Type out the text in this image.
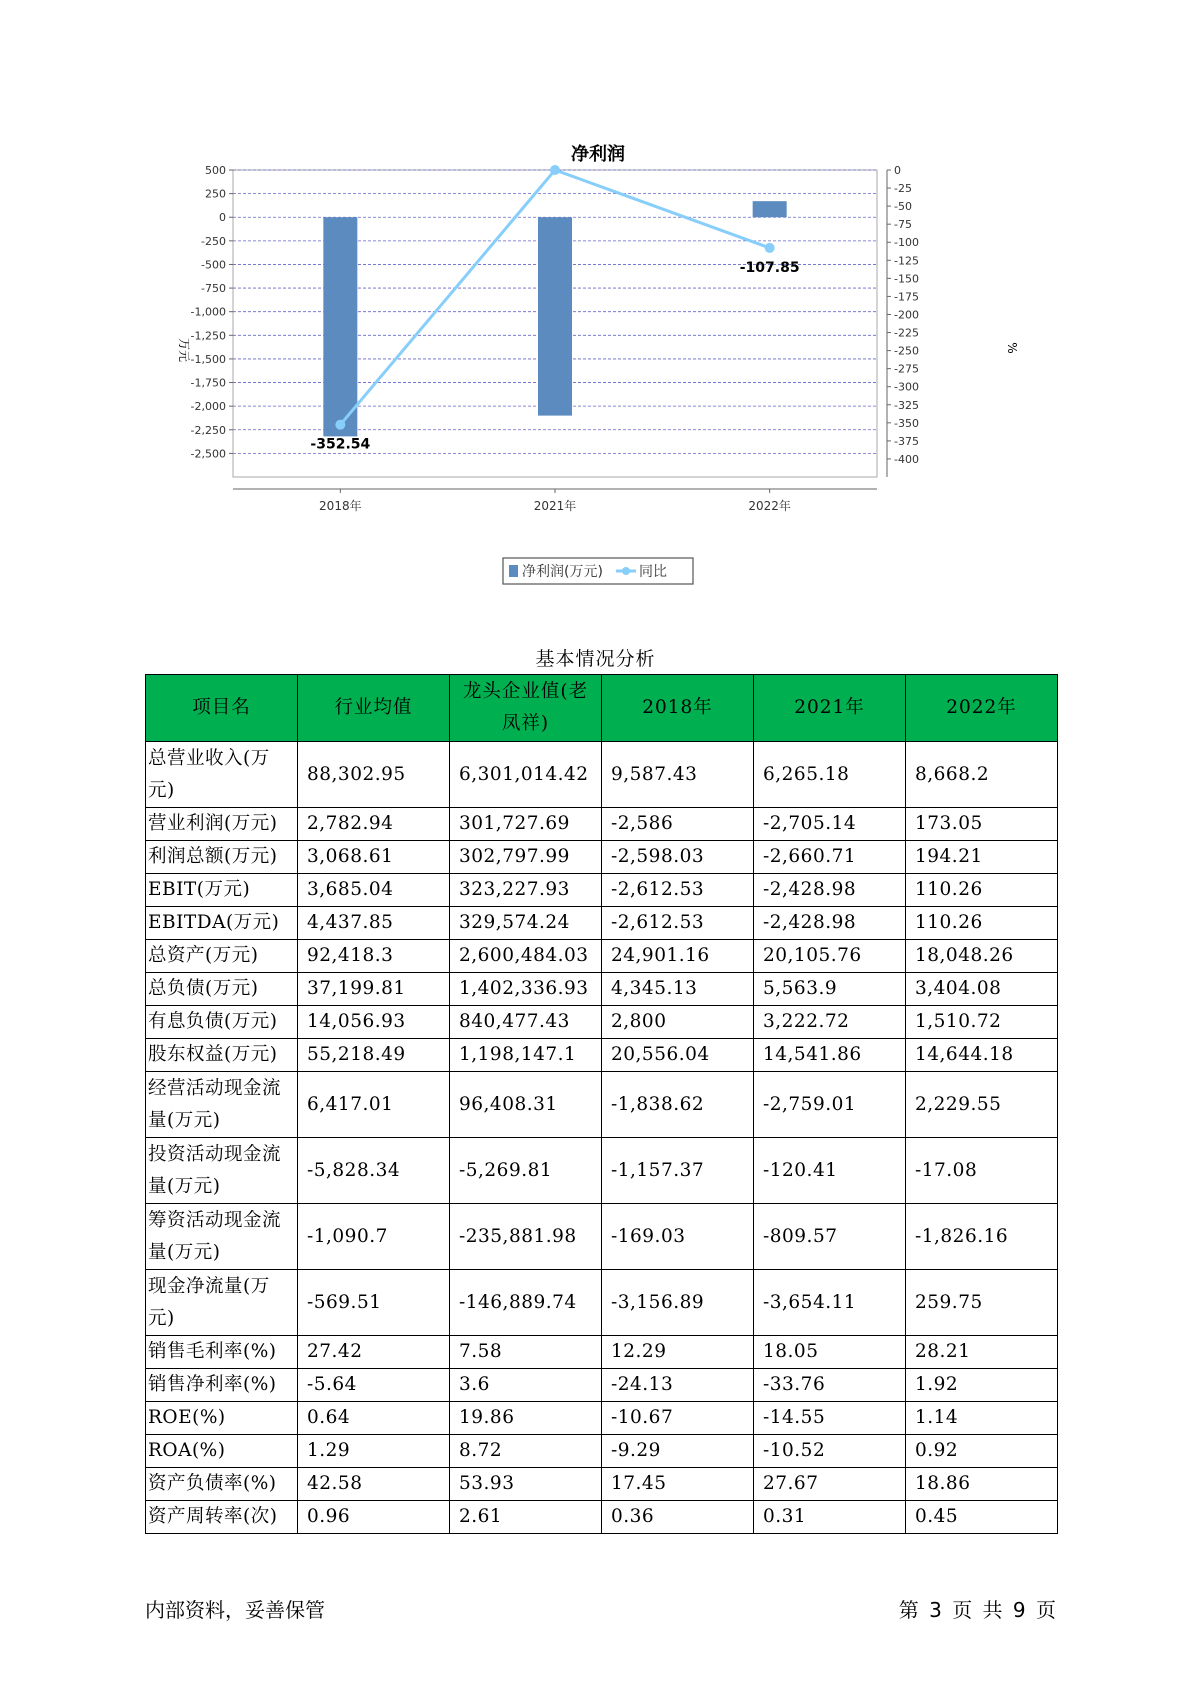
净利润
-352.54
-107.85
500
250
0
-250
-500
-750
-1,000
-1,250
-1,500
-1,750
-2,000
-2,250
-2,500
0
-25
-50
-75
-100
-125
-150
-175
-200
-225
-250
-275
-300
-325
-350
-375
-400
2018年	2021年	2022年
万元	%
净利润(万元)	同比
基本情况分析
项目名	行业均值	龙头企业值(老凤祥)	2018年	2021年	2022年
总营业收入(万元)	88,302.95	6,301,014.42	9,587.43	6,265.18	8,668.2
营业利润(万元)	2,782.94	301,727.69	-2,586	-2,705.14	173.05
利润总额(万元)	3,068.61	302,797.99	-2,598.03	-2,660.71	194.21
EBIT(万元)	3,685.04	323,227.93	-2,612.53	-2,428.98	110.26
EBITDA(万元)	4,437.85	329,574.24	-2,612.53	-2,428.98	110.26
总资产(万元)	92,418.3	2,600,484.03	24,901.16	20,105.76	18,048.26
总负债(万元)	37,199.81	1,402,336.93	4,345.13	5,563.9	3,404.08
有息负债(万元)	14,056.93	840,477.43	2,800	3,222.72	1,510.72
股东权益(万元)	55,218.49	1,198,147.1	20,556.04	14,541.86	14,644.18
经营活动现金流量(万元)	6,417.01	96,408.31	-1,838.62	-2,759.01	2,229.55
投资活动现金流量(万元)	-5,828.34	-5,269.81	-1,157.37	-120.41	-17.08
筹资活动现金流量(万元)	-1,090.7	-235,881.98	-169.03	-809.57	-1,826.16
现金净流量(万元)	-569.51	-146,889.74	-3,156.89	-3,654.11	259.75
销售毛利率(%)	27.42	7.58	12.29	18.05	28.21
销售净利率(%)	-5.64	3.6	-24.13	-33.76	1.92
ROE(%)	0.64	19.86	-10.67	-14.55	1.14
ROA(%)	1.29	8.72	-9.29	-10.52	0.92
资产负债率(%)	42.58	53.93	17.45	27.67	18.86
资产周转率(次)	0.96	2.61	0.36	0.31	0.45
内部资料，妥善保管	第 3 页 共 9 页
